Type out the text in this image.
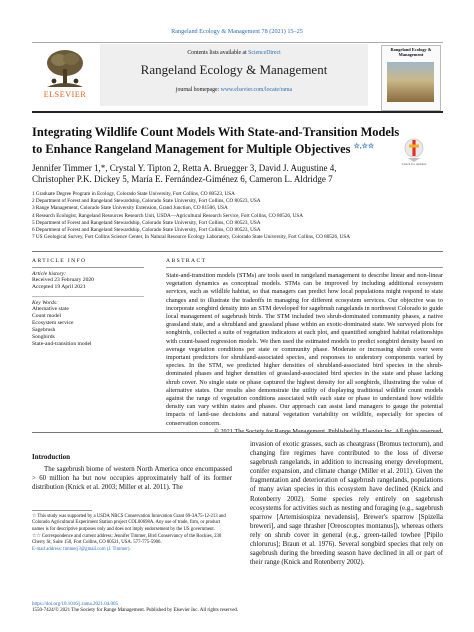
Rangeland Ecology & Management 78 (2021) 15–25
ELSEVIER
Contents lists available at ScienceDirect
Rangeland Ecology & Management
journal homepage: www.elsevier.com/locate/rama
Rangeland Ecology & Management
Integrating Wildlife Count Models With State-and-Transition Models to Enhance Rangeland Management for Multiple Objectives ☆,☆☆
Check for updates
Jennifer Timmer 1,*, Crystal Y. Tipton 2, Retta A. Bruegger 3, David J. Augustine 4,
Christopher P.K. Dickey 5, María E. Fernández-Giménez 6, Cameron L. Aldridge 7
1 Graduate Degree Program in Ecology, Colorado State University, Fort Collins, CO 80523, USA
2 Department of Forest and Rangeland Stewardship, Colorado State University, Fort Collins, CO 80523, USA
3 Range Management, Colorado State University Extension, Grand Junction, CO 81506, USA
4 Research Ecologist, Rangeland Resources Research Unit, USDA—Agricultural Research Service, Fort Collins, CO 80526, USA
5 Department of Forest and Rangeland Stewardship, Colorado State University, Fort Collins, CO 80523, USA
6 Department of Forest and Rangeland Stewardship, Colorado State University, Fort Collins, CO 80523, USA
7 US Geological Survey, Fort Collins Science Center, In Natural Resource Ecology Laboratory, Colorado State University, Fort Collins, CO 80526, USA
ARTICLE INFO
Article history:
Received 23 February 2020
Accepted 19 April 2021
Key Words:
Alternative state
Count model
Ecosystem service
Sagebrush
Songbirds
State-and-transition model
ABSTRACT

State-and-transition models (STMs) are tools used in rangeland management to describe linear and non-linear vegetation dynamics as conceptual models. STMs can be improved by including additional ecosystem services, such as wildlife habitat, so that managers can predict how local populations might respond to state changes and to illustrate the tradeoffs in managing for different ecosystem services. Our objective was to incorporate songbird density into an STM developed for sagebrush rangelands in northwest Colorado to guide local management of sagebrush birds. The STM included two shrub-dominated community phases, a native grassland state, and a shrubland and grassland phase within an exotic-dominated state. We surveyed plots for songbirds, collected a suite of vegetation indicators at each plot, and quantified songbird habitat relationships with count-based regression models. We then used the estimated models to predict songbird density based on average vegetation conditions per state or community phase. Moderate or increasing shrub cover were important predictors for shrubland-associated species, and responses to understory components varied by species. In the STM, we predicted higher densities of shrubland-associated bird species in the shrub-dominated phases and higher densities of grassland-associated bird species in the state and phase lacking shrub cover. No single state or phase captured the highest density for all songbirds, illustrating the value of alternative states. Our results also demonstrate the utility of displaying traditional wildlife count models against the range of vegetation conditions associated with each state or phase to understand how wildlife density can vary within states and phases. Our approach can assist land managers to gauge the potential impacts of land-use decisions and natural vegetation variability on wildlife, especially for species of conservation concern.

© 2021 The Society for Range Management. Published by Elsevier Inc. All rights reserved.
Introduction
The sagebrush biome of western North America once encompassed > 60 million ha but now occupies approximately half of its former distribution (Knick et al. 2003; Miller et al. 2011). The

☆ This study was supported by a USDA NRCS Conservation Innovation Grant 69-3A75-12-213 and Colorado Agricultural Experiment Station project COL00698A. Any use of trade, firm, or product names is for descriptive purposes only and does not imply endorsement by the US government.

☆☆ Correspondence and current address: Jennifer Timmer, Bird Conservancy of the Rockies, 230 Cherry St, Suite 150, Fort Collins, CO 80521, USA. 577-775-5906.

E-mail address: timmerj3@gmail.com (J. Timmer).

invasion of exotic grasses, such as cheatgrass (Bromus tectorum), and changing fire regimes have contributed to the loss of diverse sagebrush rangelands, in addition to increasing energy development, conifer expansion, and climate change (Miller et al. 2011). Given the fragmentation and deterioration of sagebrush rangelands, populations of many avian species in this ecosystem have declined (Knick and Rotenberry 2002). Some species rely entirely on sagebrush ecosystems for activities such as nesting and foraging (e.g., sagebrush sparrow [Artemisiospiza nevadensis], Brewer's sparrow [Spizella breweri], and sage thrasher [Oreoscoptes montanus]), whereas others rely on shrub cover in general (e.g., green-tailed towhee [Pipilo chlorurus]; Braun et al. 1976). Several songbird species that rely on sagebrush during the breeding season have declined in all or part of their range (Knick and Rotenberry 2002).
https://doi.org/10.1016/j.rama.2021.04.005
1550-7424/© 2021 The Society for Range Management. Published by Elsevier Inc. All rights reserved.
